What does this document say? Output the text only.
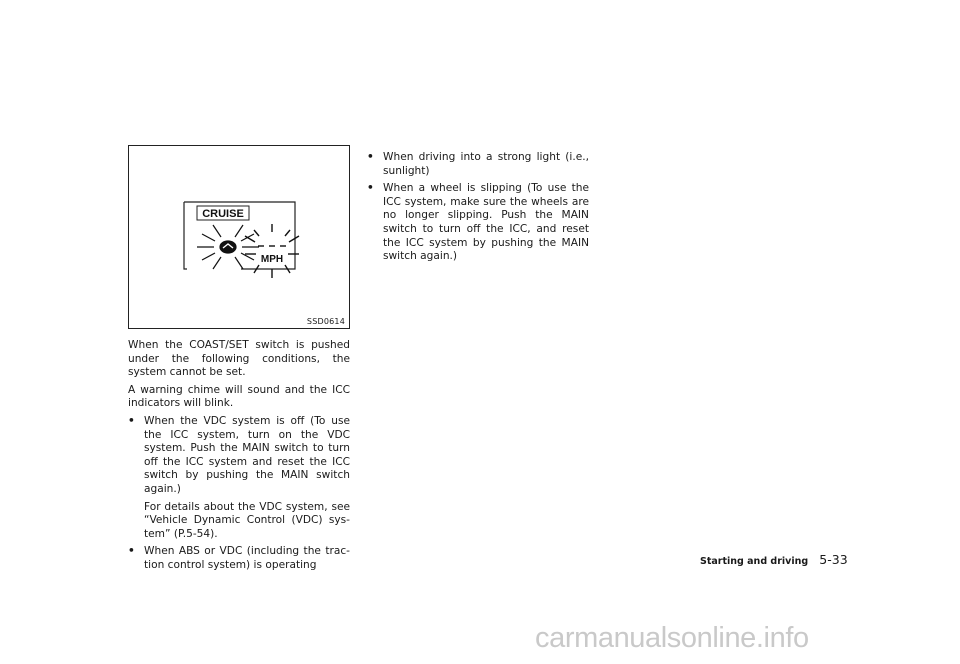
CRUISE
MPH
SSD0614

When the COAST/SET switch is pushed under the following conditions, the system cannot be set.

A warning chime will sound and the ICC indicators will blink.

• When the VDC system is off (To use the ICC system, turn on the VDC system. Push the MAIN switch to turn off the ICC system and reset the ICC switch by pushing the MAIN switch again.)

For details about the VDC system, see “Vehicle Dynamic Control (VDC) sys-tem” (P.5-54).

• When ABS or VDC (including the trac-tion control system) is operating
• When driving into a strong light (i.e., sunlight)
• When a wheel is slipping (To use the ICC system, make sure the wheels are no longer slipping. Push the MAIN switch to turn off the ICC, and reset the ICC system by pushing the MAIN switch again.)
Starting and driving 5-33
carmanualsonline.info
